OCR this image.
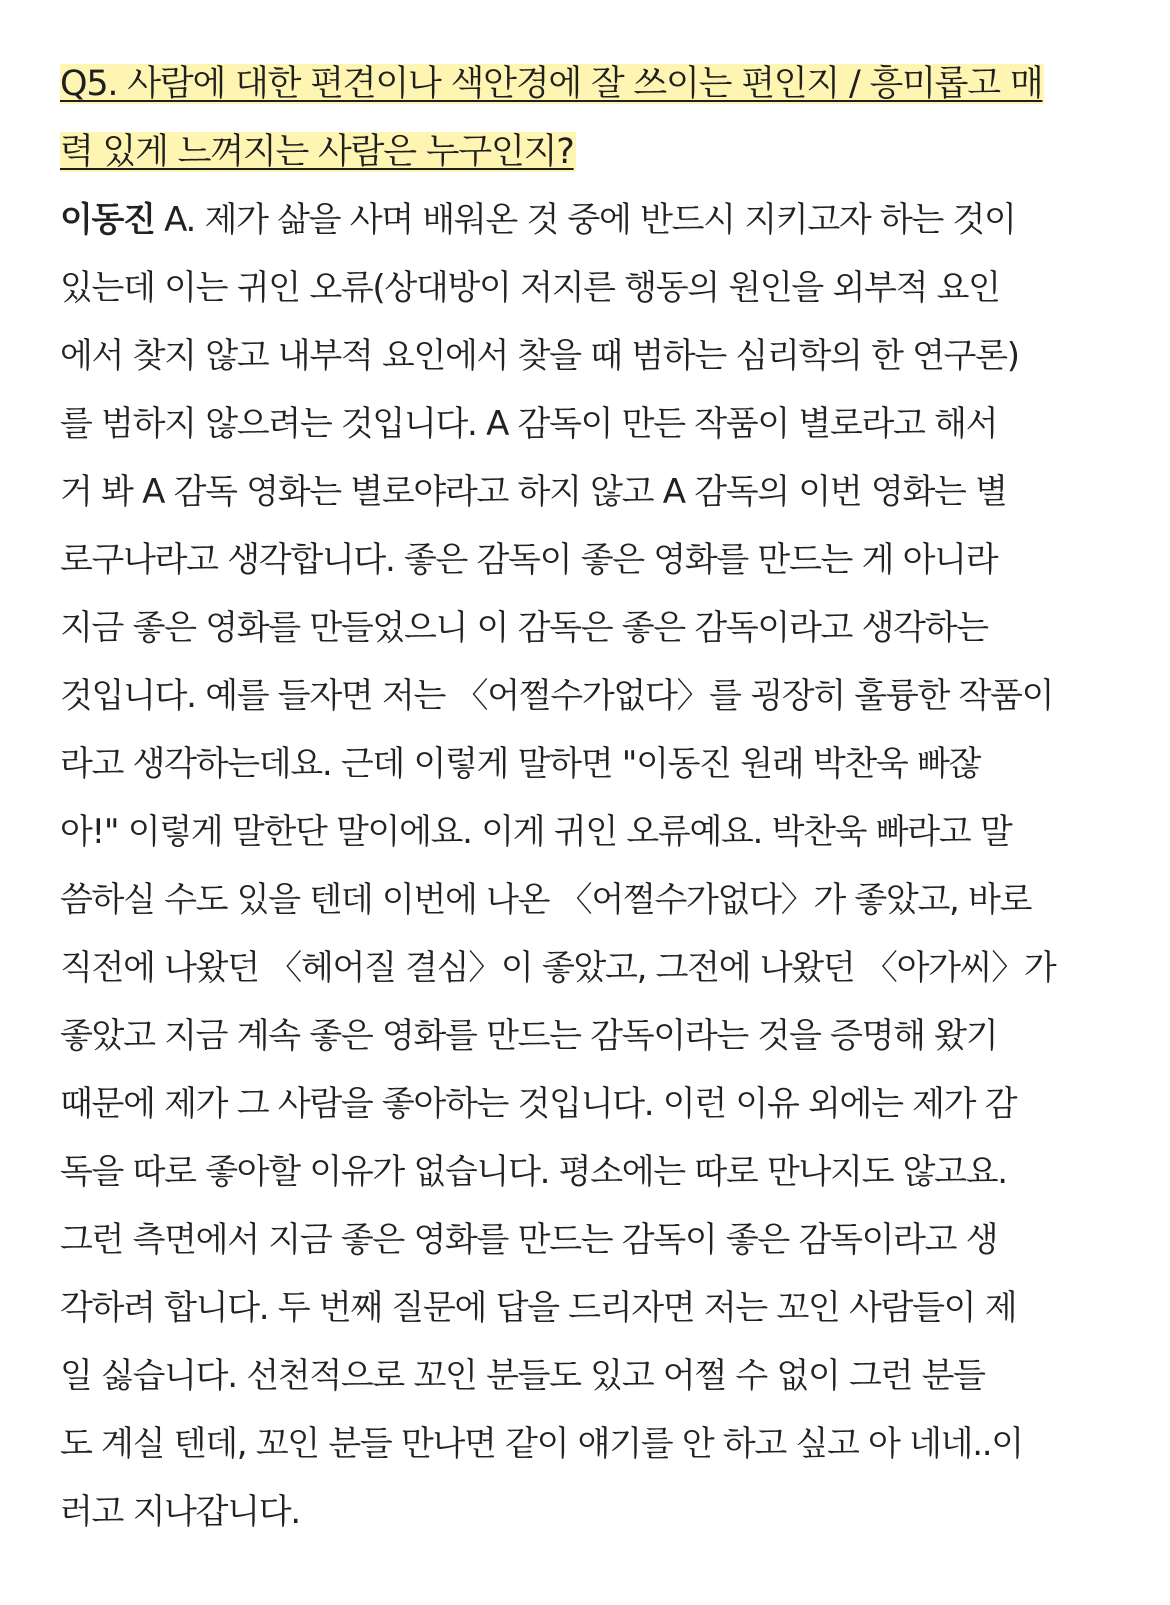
Q5. 사람에 대한 편견이나 색안경에 잘 쓰이는 편인지 / 흥미롭고 매
력 있게 느껴지는 사람은 누구인지?
이동진 A. 제가 삶을 사며 배워온 것 중에 반드시 지키고자 하는 것이
있는데 이는 귀인 오류(상대방이 저지른 행동의 원인을 외부적 요인
에서 찾지 않고 내부적 요인에서 찾을 때 범하는 심리학의 한 연구론)
를 범하지 않으려는 것입니다. A 감독이 만든 작품이 별로라고 해서
거 봐 A 감독 영화는 별로야라고 하지 않고 A 감독의 이번 영화는 별
로구나라고 생각합니다. 좋은 감독이 좋은 영화를 만드는 게 아니라
지금 좋은 영화를 만들었으니 이 감독은 좋은 감독이라고 생각하는
것입니다. 예를 들자면 저는 〈어쩔수가없다〉를 굉장히 훌륭한 작품이
라고 생각하는데요. 근데 이렇게 말하면 "이동진 원래 박찬욱 빠잖
아!" 이렇게 말한단 말이에요. 이게 귀인 오류예요. 박찬욱 빠라고 말
씀하실 수도 있을 텐데 이번에 나온 〈어쩔수가없다〉가 좋았고, 바로
직전에 나왔던 〈헤어질 결심〉이 좋았고, 그전에 나왔던 〈아가씨〉가
좋았고 지금 계속 좋은 영화를 만드는 감독이라는 것을 증명해 왔기
때문에 제가 그 사람을 좋아하는 것입니다. 이런 이유 외에는 제가 감
독을 따로 좋아할 이유가 없습니다. 평소에는 따로 만나지도 않고요.
그런 측면에서 지금 좋은 영화를 만드는 감독이 좋은 감독이라고 생
각하려 합니다. 두 번째 질문에 답을 드리자면 저는 꼬인 사람들이 제
일 싫습니다. 선천적으로 꼬인 분들도 있고 어쩔 수 없이 그런 분들
도 계실 텐데, 꼬인 분들 만나면 같이 얘기를 안 하고 싶고 아 네네..이
러고 지나갑니다.
